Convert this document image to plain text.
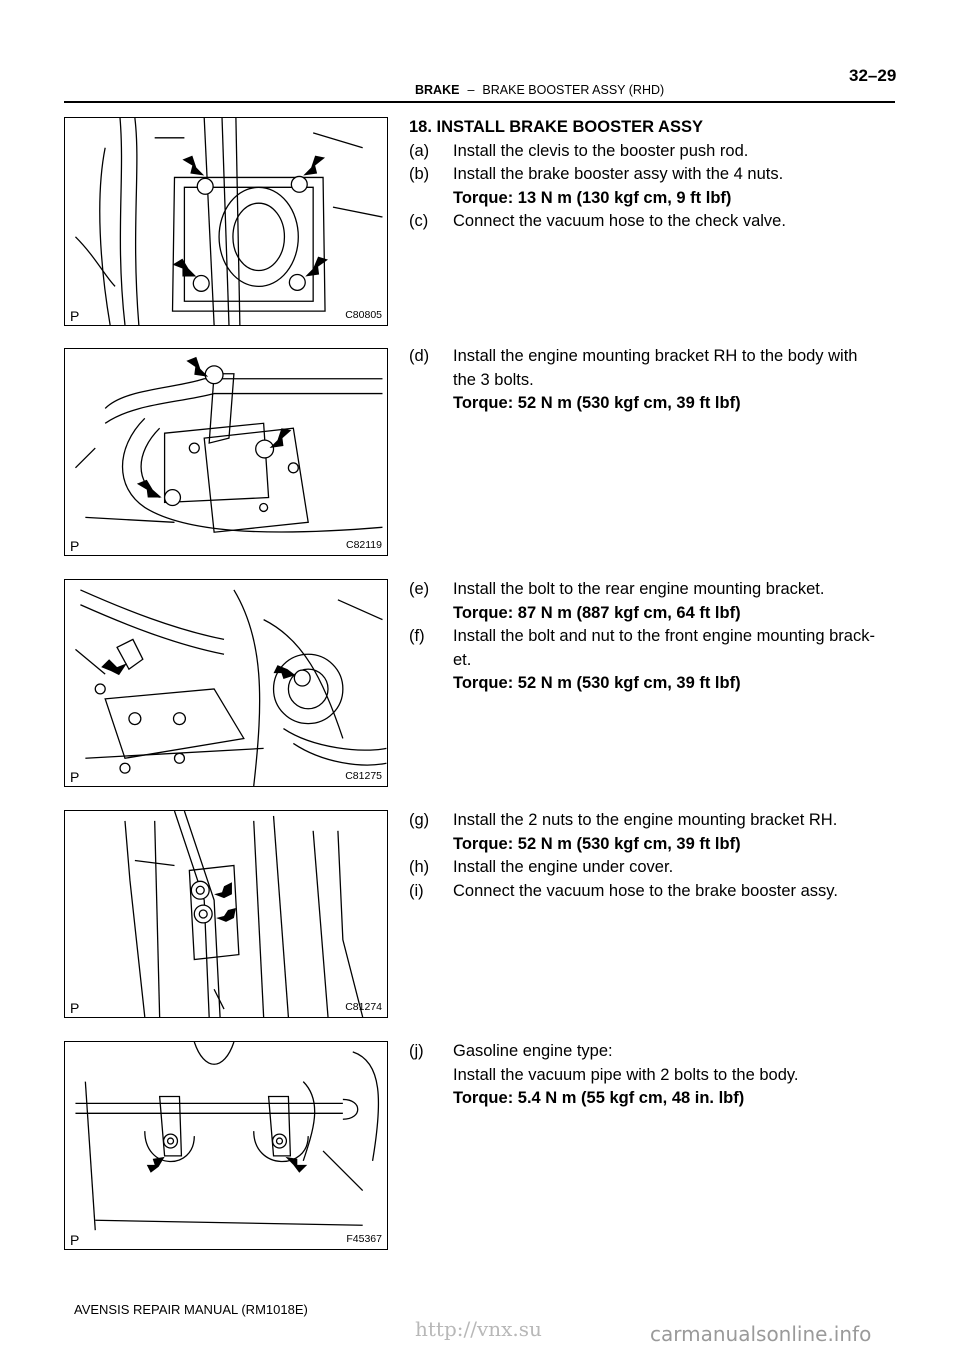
BRAKE – BRAKE BOOSTER ASSY (RHD)
32–29
P	C80805
P	C82119
P	C81275
P	C81274
P	F45367
18. INSTALL BRAKE BOOSTER ASSY
(a)	Install the clevis to the booster push rod.
(b)	Install the brake booster assy with the 4 nuts.
Torque: 13 N m (130 kgf cm, 9 ft lbf)
(c)	Connect the vacuum hose to the check valve.
(d)	Install the engine mounting bracket RH to the body with
the 3 bolts.
Torque: 52 N m (530 kgf cm, 39 ft lbf)
(e)	Install the bolt to the rear engine mounting bracket.
Torque: 87 N m (887 kgf cm, 64 ft lbf)
(f)	Install the bolt and nut to the front engine mounting brack-
et.
Torque: 52 N m (530 kgf cm, 39 ft lbf)
(g)	Install the 2 nuts to the engine mounting bracket RH.
Torque: 52 N m (530 kgf cm, 39 ft lbf)
(h)	Install the engine under cover.
(i)	Connect the vacuum hose to the brake booster assy.
(j)	Gasoline engine type:
Install the vacuum pipe with 2 bolts to the body.
Torque: 5.4 N m (55 kgf cm, 48 in. lbf)
AVENSIS REPAIR MANUAL (RM1018E)
http://vnx.su	carmanualsonline.info
